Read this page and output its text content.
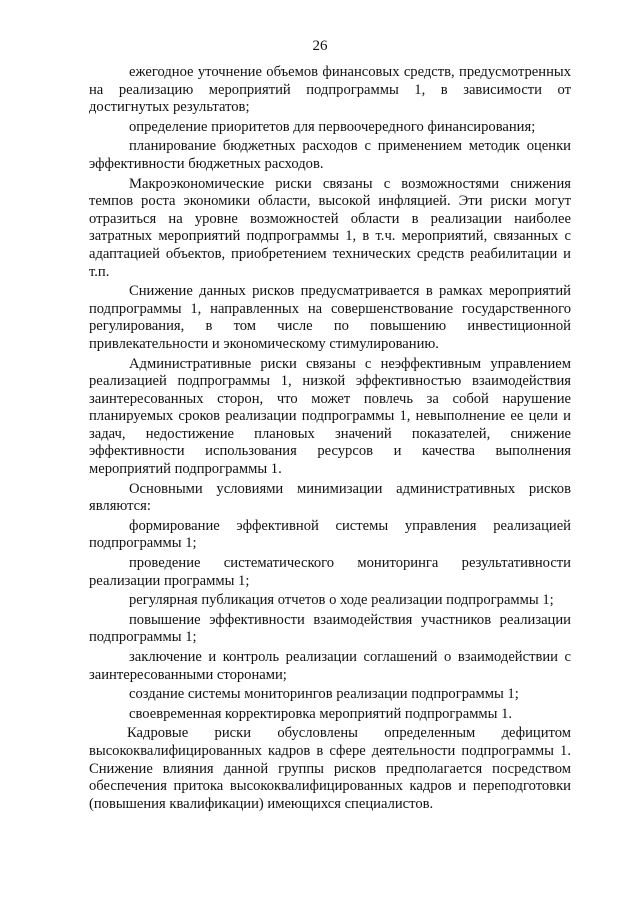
26

ежегодное уточнение объемов финансовых средств, предусмотренных на реализацию мероприятий подпрограммы 1, в зависимости от достигнутых результатов;

определение приоритетов для первоочередного финансирования;

планирование бюджетных расходов с применением методик оценки эффективности бюджетных расходов.

Макроэкономические риски связаны с возможностями снижения темпов роста экономики области, высокой инфляцией. Эти риски могут отразиться на уровне возможностей области в реализации наиболее затратных мероприятий подпрограммы 1, в т.ч. мероприятий, связанных с адаптацией объектов, приобретением технических средств реабилитации и т.п.

Снижение данных рисков предусматривается в рамках мероприятий подпрограммы 1, направленных на совершенствование государственного регулирования, в том числе по повышению инвестиционной привлекательности и экономическому стимулированию.

Административные риски связаны с неэффективным управлением реализацией подпрограммы 1, низкой эффективностью взаимодействия заинтересованных сторон, что может повлечь за собой нарушение планируемых сроков реализации подпрограммы 1, невыполнение ее цели и задач, недостижение плановых значений показателей, снижение эффективности использования ресурсов и качества выполнения мероприятий подпрограммы 1.

Основными условиями минимизации административных рисков являются:

формирование эффективной системы управления реализацией подпрограммы 1;

проведение систематического мониторинга результативности реализации программы 1;

регулярная публикация отчетов о ходе реализации подпрограммы 1;

повышение эффективности взаимодействия участников реализации подпрограммы 1;

заключение и контроль реализации соглашений о взаимодействии с заинтересованными сторонами;

создание системы мониторингов реализации подпрограммы 1;

своевременная корректировка мероприятий подпрограммы 1.

Кадровые риски обусловлены определенным дефицитом высококвалифицированных кадров в сфере деятельности подпрограммы 1. Снижение влияния данной группы рисков предполагается посредством обеспечения притока высококвалифицированных кадров и переподготовки (повышения квалификации) имеющихся специалистов.
